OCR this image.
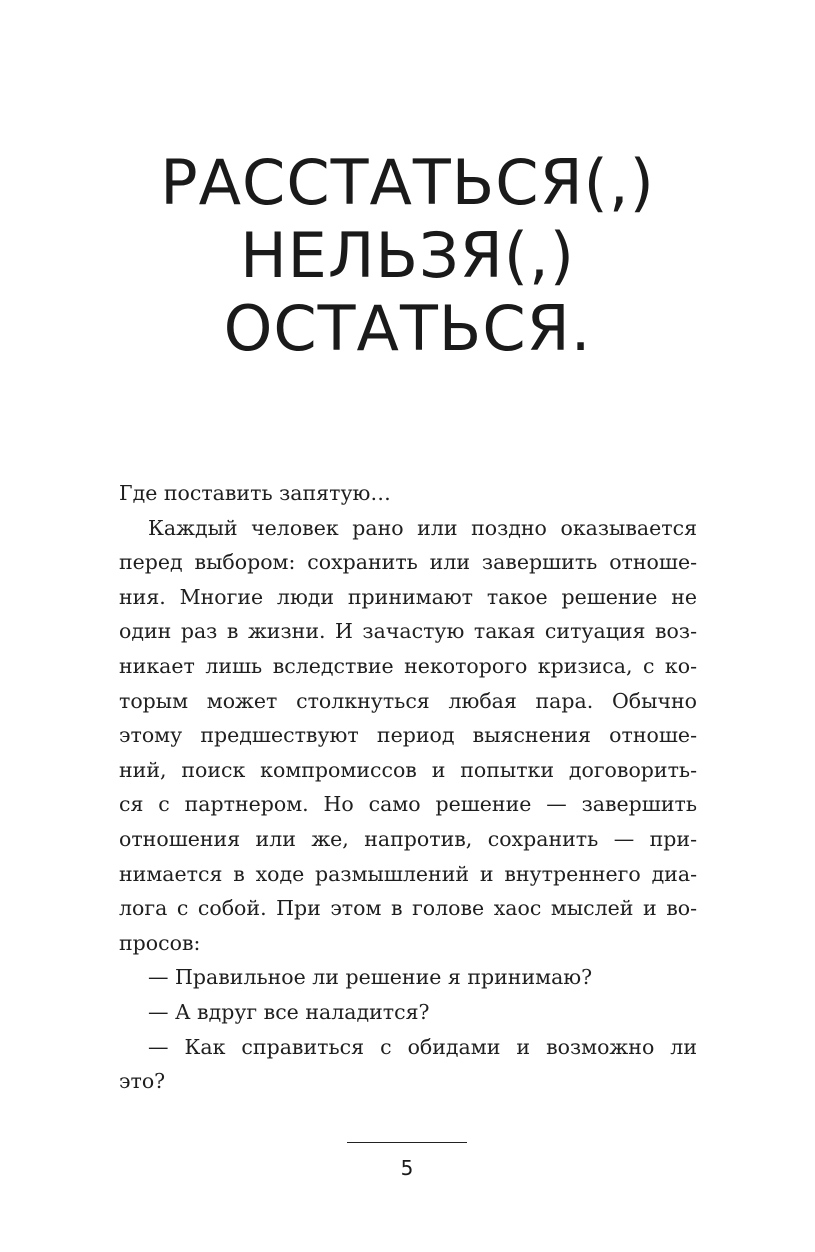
РАССТАТЬСЯ(,)
НЕЛЬЗЯ(,)
ОСТАТЬСЯ.
Где поставить запятую…
Каждый человек рано или поздно оказывается
перед выбором: сохранить или завершить отноше-
ния. Многие люди принимают такое решение не
один раз в жизни. И зачастую такая ситуация воз-
никает лишь вследствие некоторого кризиса, с ко-
торым может столкнуться любая пара. Обычно
этому предшествуют период выяснения отноше-
ний, поиск компромиссов и попытки договорить-
ся с партнером. Но само решение — завершить
отношения или же, напротив, сохранить — при-
нимается в ходе размышлений и внутреннего диа-
лога с собой. При этом в голове хаос мыслей и во-
просов:
— Правильное ли решение я принимаю?
— А вдруг все наладится?
— Как справиться с обидами и возможно ли
это?
5
